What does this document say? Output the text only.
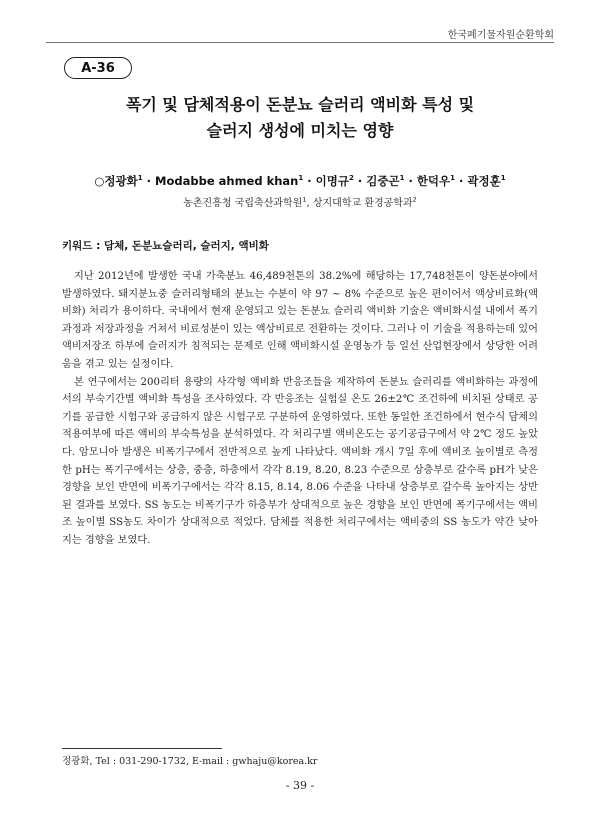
한국폐기물자원순환학회
A-36
폭기 및 담체적용이 돈분뇨 슬러리 액비화 특성 및
슬러지 생성에 미치는 영향
○정광화$^1$ · Modabbe ahmed khan$^1$ · 이명규$^2$ · 김중곤$^1$ · 한덕우$^1$ · 곽정훈$^1$
농촌진흥청 국립축산과학원$^1$, 상지대학교 환경공학과$^2$
키워드 : 담체, 돈분뇨슬러리, 슬러지, 액비화

지난 2012년에 발생한 국내 가축분뇨 46,489천톤의 38.2%에 해당하는 17,748천톤이 양돈분야에서 발생하였다. 돼지분뇨중 슬러리형태의 분뇨는 수분이 약 97 ~ 8% 수준으로 높은 편이어서 액상비료화(액비화) 처리가 용이하다. 국내에서 현재 운영되고 있는 돈분뇨 슬러리 액비화 기술은 액비화시설 내에서 폭기과정과 저장과정을 거쳐서 비료성분이 있는 액상비료로 전환하는 것이다. 그러나 이 기술을 적용하는데 있어 액비저장조 하부에 슬러지가 침적되는 문제로 인해 액비화시설 운영농가 등 일선 산업현장에서 상당한 어려움을 겪고 있는 실정이다.

본 연구에서는 200리터 용량의 사각형 액비화 반응조들을 제작하여 돈분뇨 슬러리를 액비화하는 과정에서의 부숙기간별 액비화 특성을 조사하였다. 각 반응조는 실험실 온도 26±2℃ 조건하에 비치된 상태로 공기를 공급한 시험구와 공급하지 않은 시험구로 구분하여 운영하였다. 또한 동일한 조건하에서 현수식 담체의 적용여부에 따른 액비의 부숙특성을 분석하였다. 각 처리구별 액비온도는 공기공급구에서 약 2℃ 정도 높았다. 암모니아 발생은 비폭기구에서 전반적으로 높게 나타났다. 액비화 개시 7일 후에 액비조 높이별로 측정한 pH는 폭기구에서는 상층, 중층, 하층에서 각각 8.19, 8.20, 8.23 수준으로 상층부로 갈수록 pH가 낮은 경향을 보인 반면에 비폭기구에서는 각각 8.15, 8.14, 8.06 수준을 나타내 상층부로 갈수록 높아지는 상반된 결과를 보였다. SS 농도는 비폭기구가 하층부가 상대적으로 높은 경향을 보인 반면에 폭기구에서는 액비조 높이별 SS농도 차이가 상대적으로 적었다. 담체를 적용한 처리구에서는 액비중의 SS 농도가 약간 낮아지는 경향을 보였다.

정광화, Tel : 031-290-1732, E-mail : gwhaju@korea.kr
- 39 -
